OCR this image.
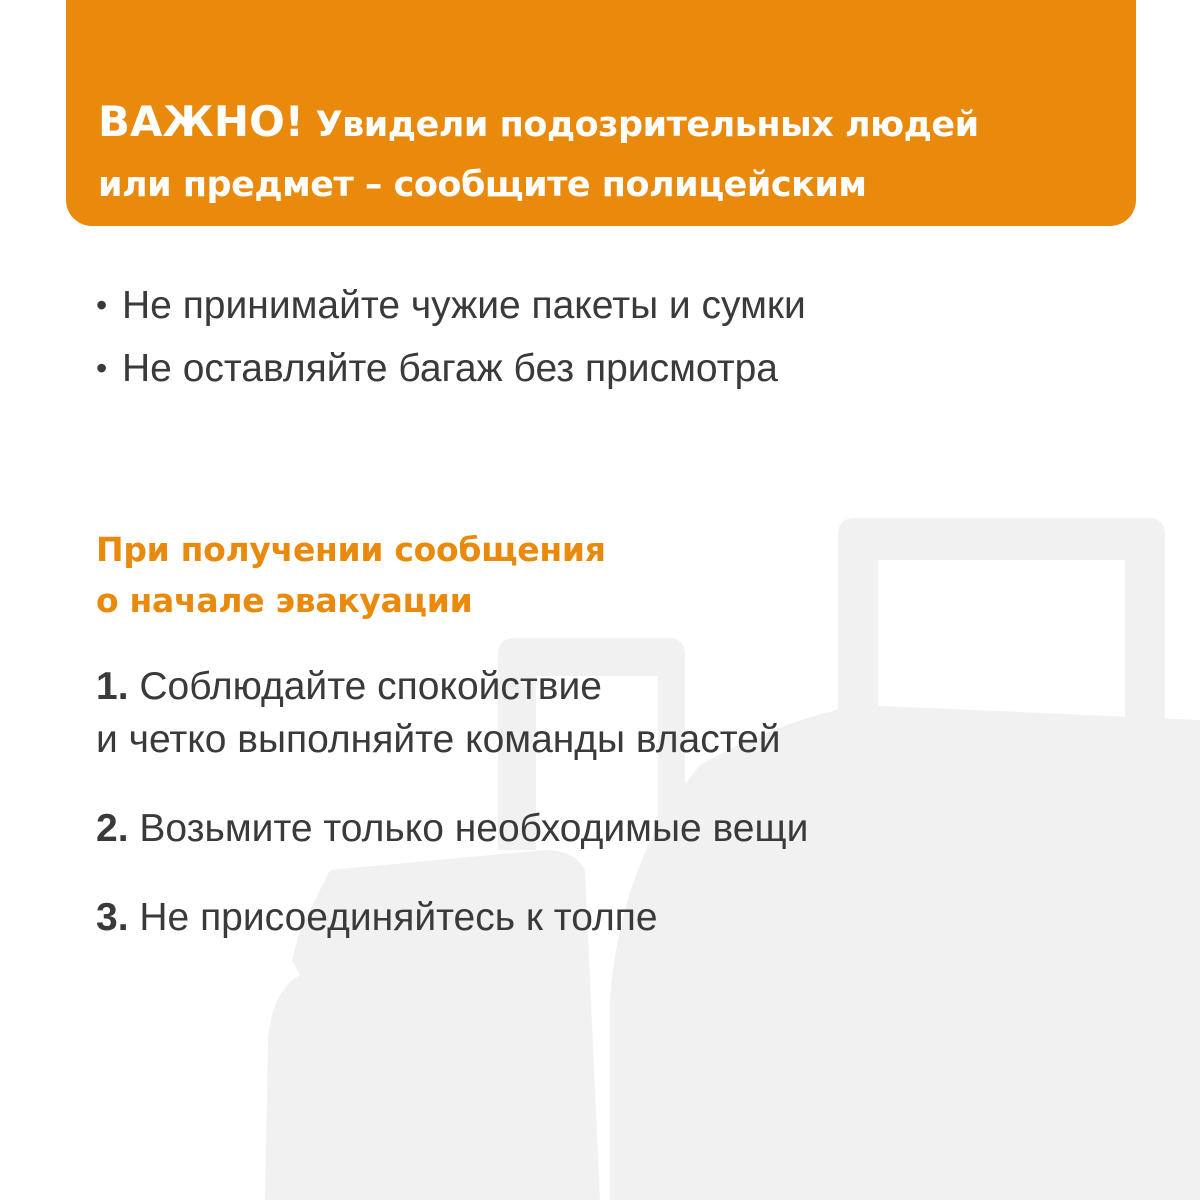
ВАЖНО! Увидели подозрительных людей
или предмет – сообщите полицейским
• Не принимайте чужие пакеты и сумки
• Не оставляйте багаж без присмотра
При получении сообщения
о начале эвакуации
1. Соблюдайте спокойствие
и четко выполняйте команды властей
2. Возьмите только необходимые вещи
3. Не присоединяйтесь к толпе
